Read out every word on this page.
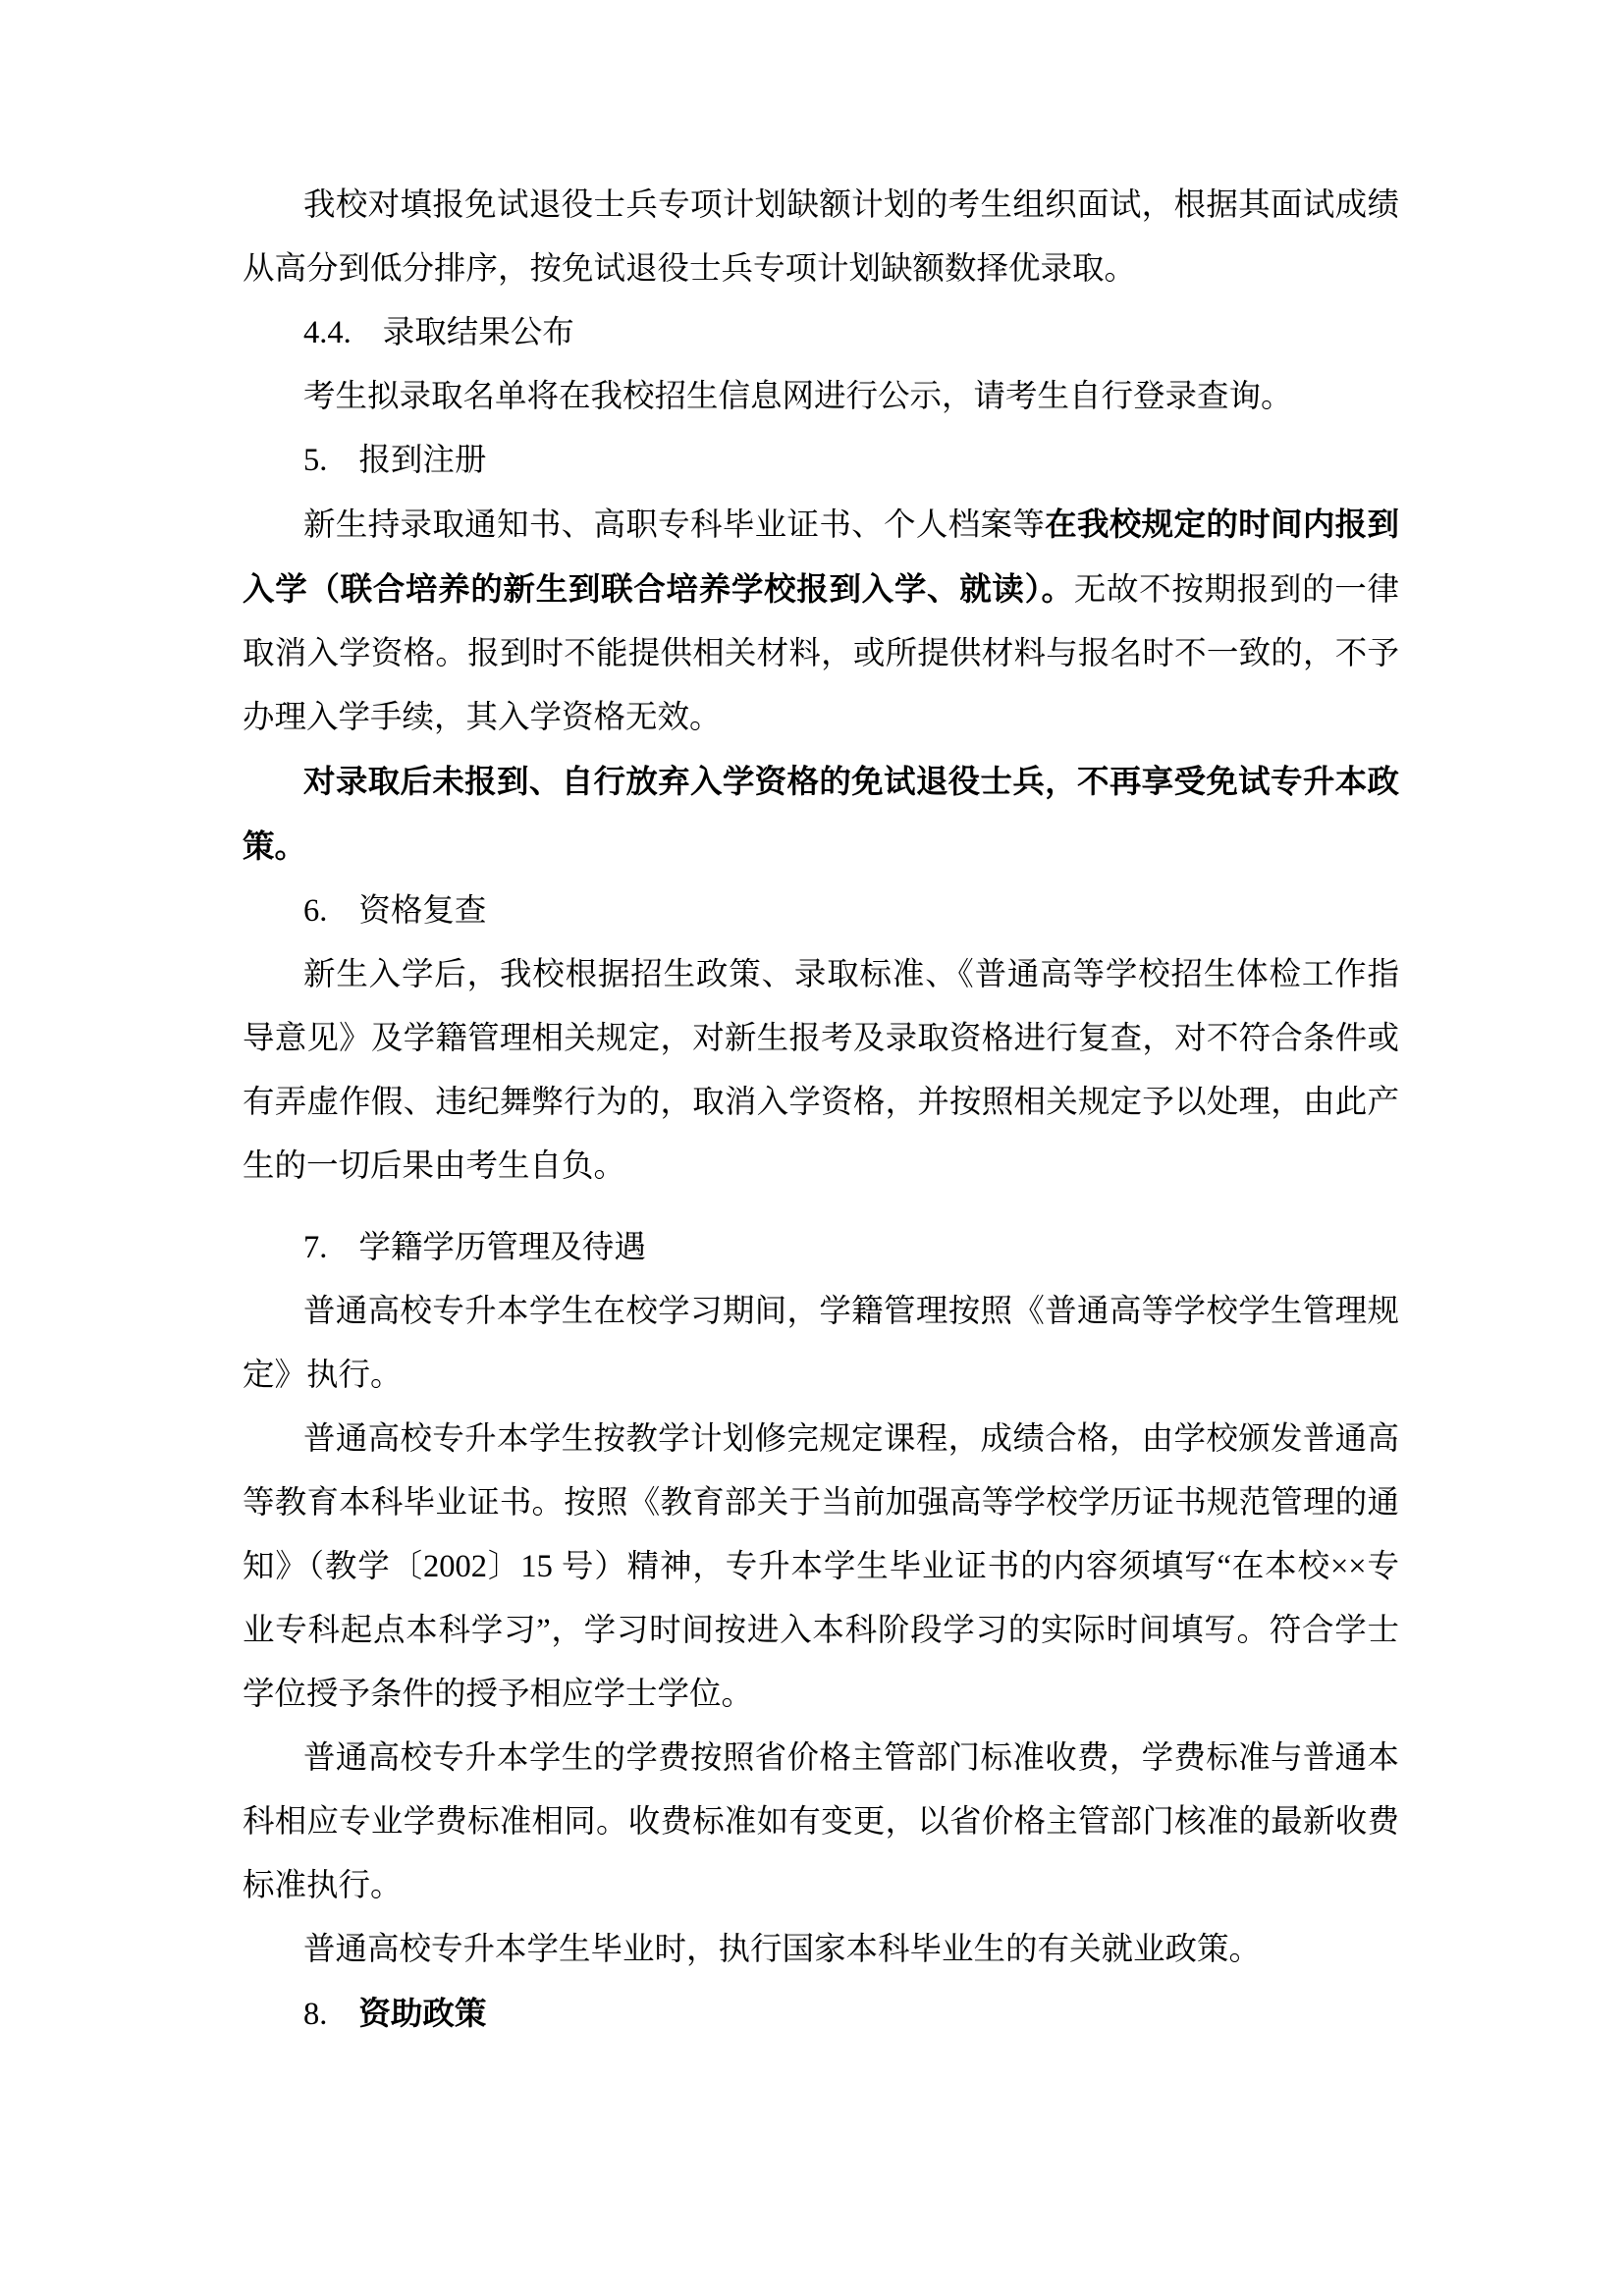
我校对填报免试退役士兵专项计划缺额计划的考生组织面试，根据其面试成绩从高分到低分排序，按免试退役士兵专项计划缺额数择优录取。

4.4. 录取结果公布

考生拟录取名单将在我校招生信息网进行公示，请考生自行登录查询。

5. 报到注册

新生持录取通知书、高职专科毕业证书、个人档案等在我校规定的时间内报到入学（联合培养的新生到联合培养学校报到入学、就读）。无故不按期报到的一律取消入学资格。报到时不能提供相关材料，或所提供材料与报名时不一致的，不予办理入学手续，其入学资格无效。

对录取后未报到、自行放弃入学资格的免试退役士兵，不再享受免试专升本政策。

6. 资格复查

新生入学后，我校根据招生政策、录取标准、《普通高等学校招生体检工作指导意见》及学籍管理相关规定，对新生报考及录取资格进行复查，对不符合条件或有弄虚作假、违纪舞弊行为的，取消入学资格，并按照相关规定予以处理，由此产生的一切后果由考生自负。

7. 学籍学历管理及待遇

普通高校专升本学生在校学习期间，学籍管理按照《普通高等学校学生管理规定》执行。

普通高校专升本学生按教学计划修完规定课程，成绩合格，由学校颁发普通高等教育本科毕业证书。按照《教育部关于当前加强高等学校学历证书规范管理的通知》（教学〔2002〕15 号）精神，专升本学生毕业证书的内容须填写“在本校××专业专科起点本科学习”，学习时间按进入本科阶段学习的实际时间填写。符合学士学位授予条件的授予相应学士学位。

普通高校专升本学生的学费按照省价格主管部门标准收费，学费标准与普通本科相应专业学费标准相同。收费标准如有变更，以省价格主管部门核准的最新收费标准执行。

普通高校专升本学生毕业时，执行国家本科毕业生的有关就业政策。

8. 资助政策
